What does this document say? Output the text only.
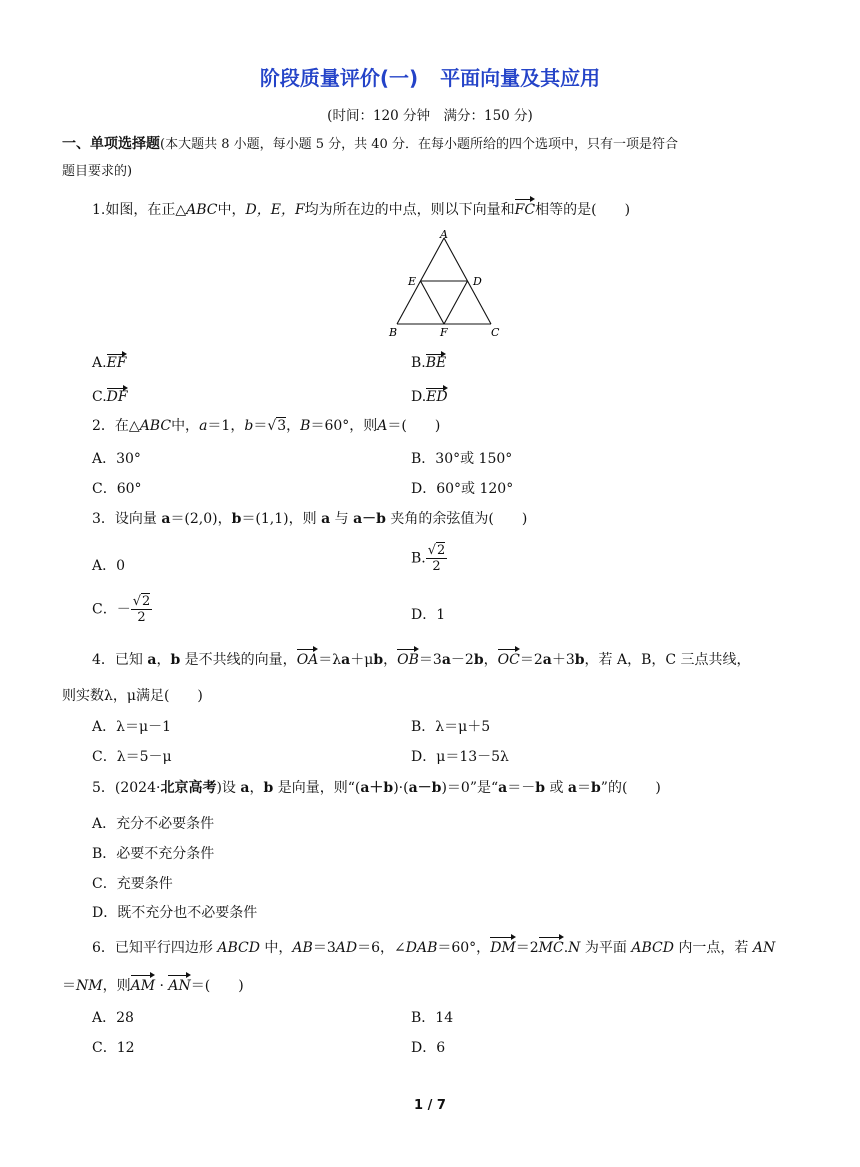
阶段质量评价(一) 平面向量及其应用
(时间：120 分钟　满分：150 分)
一、单项选择题(本大题共 8 小题，每小题 5 分，共 40 分．在每小题所给的四个选项中，只有一项是符合
题目要求的)
1.如图，在正△ABC中，D，E，F均为所在边的中点，则以下向量和FC相等的是(　　)
A
E	D
B	F	C
A.EF	B.BE
C.DF	D.ED
2．在△ABC中，a＝1，b＝√3，B＝60°，则A＝(　　)
A．30°	B．30°或 150°
C．60°	D．60°或 120°
3．设向量 a＝(2,0)，b＝(1,1)，则 a 与 a－b 夹角的余弦值为(　　)
A．0	B. $\frac{√2}{2}$
C．－ $\frac{√2}{2}$	D．1
4．已知 a，b 是不共线的向量，OA＝λa＋μb，OB＝3a－2b，OC＝2a＋3b，若 A，B，C 三点共线，
则实数λ，μ满足(　　)
A．λ＝μ－1	B．λ＝μ＋5
C．λ＝5－μ	D．μ＝13－5λ
5．(2024·北京高考)设 a，b 是向量，则“(a＋b)·(a－b)＝0”是“a＝－b 或 a＝b”的(　　)
A．充分不必要条件
B．必要不充分条件
C．充要条件
D．既不充分也不必要条件
6．已知平行四边形 ABCD 中，AB＝3AD＝6，∠DAB＝60°，DM＝2MC.N 为平面 ABCD 内一点，若 AN
＝NM，则AM · AN＝(　　)
A．28	B．14
C．12	D．6
1 / 7
